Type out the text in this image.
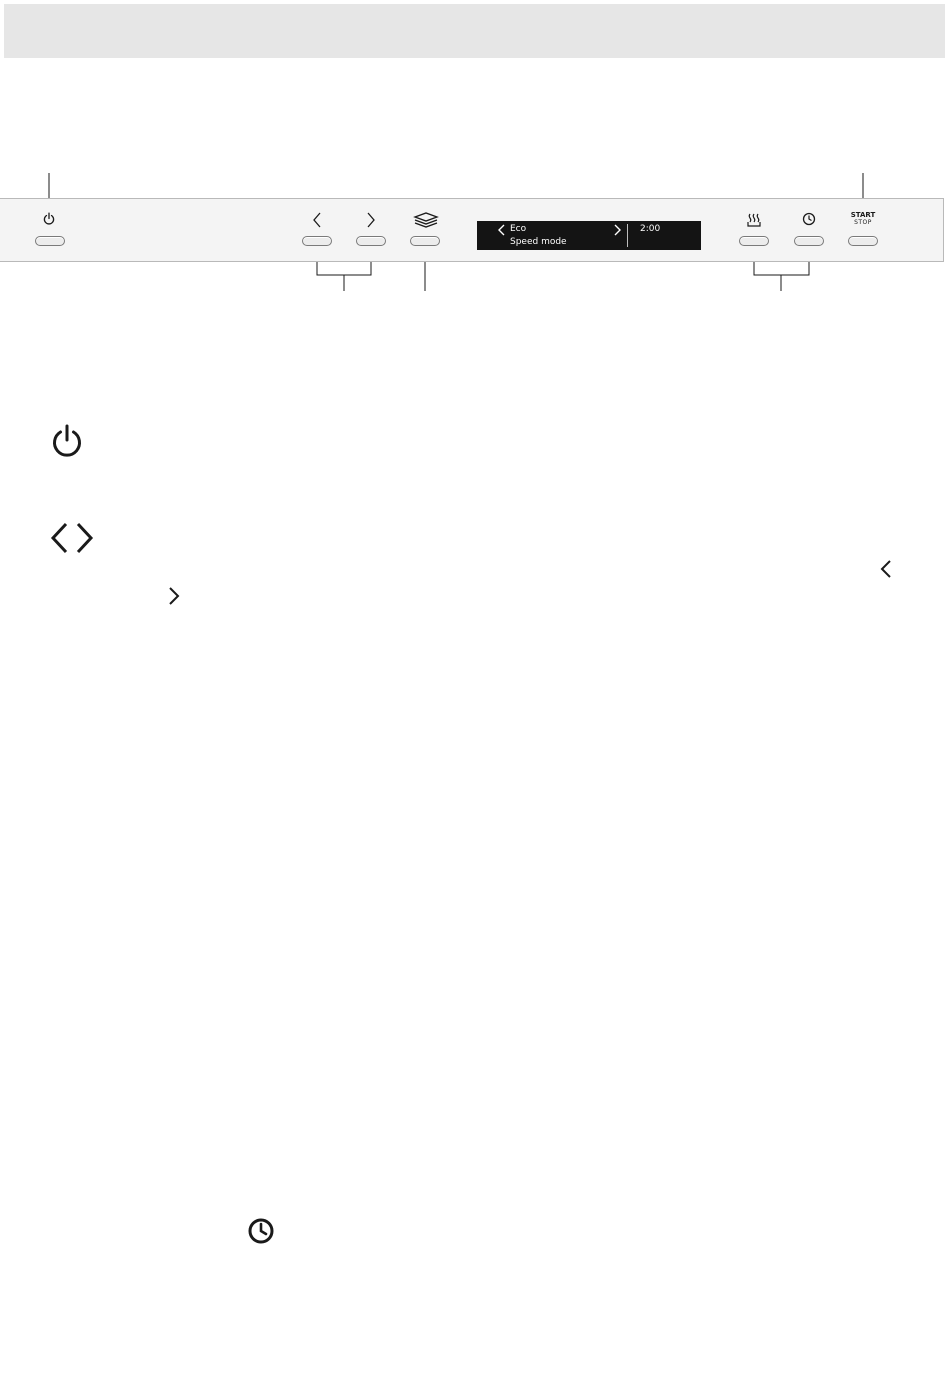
START
STOP
Eco
Speed mode
2:00
